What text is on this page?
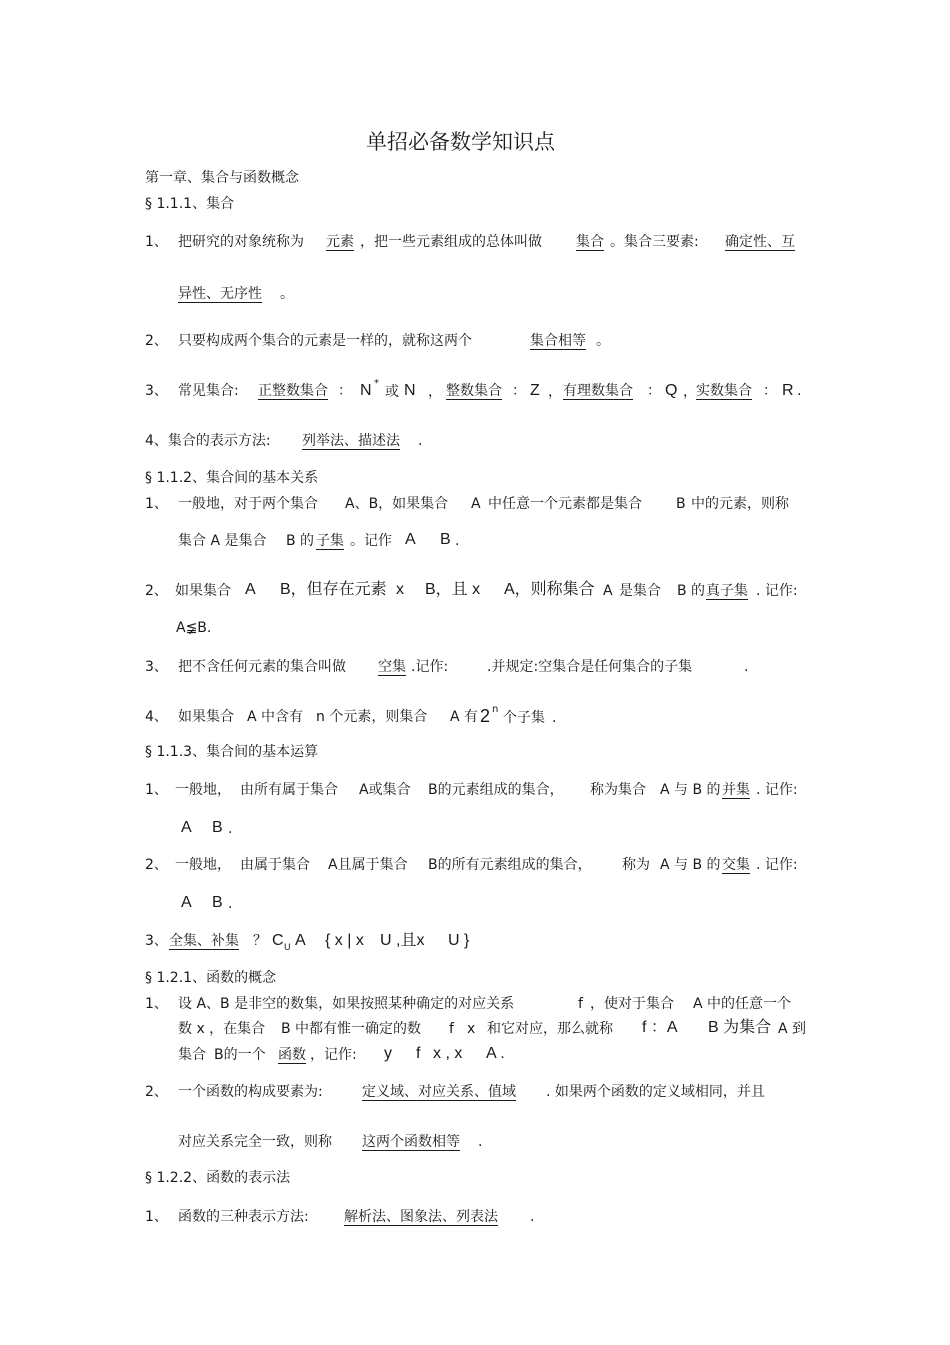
单招必备数学知识点
第一章、集合与函数概念
§ 1.1.1、集合
1、 把研究的对象统称为 元素 ，把一些元素组成的总体叫做 集合 。集合三要素: 确定性、互
异性、无序性 。
2、 只要构成两个集合的元素是一样的，就称这两个	集合相等 。
3、 常见集合: 正整数集合 ： N *
或 N ， 整数集合 ： Z ， 有理数集合 ： Q ， 实数集合 ： R .
4、集合的表示方法: 列举法、描述法 .
§ 1.1.2、集合间的基本关系
1、 一般地，对于两个集合 A、B，如果集合 A 中任意一个元素都是集合 B 中的元素，则称
集合 A 是集合 B 的 子集 。记作 A B .
2、 如果集合 A B，但存在元素 x B，且 x A，则称集合 A 是集合 B 的 真子集 . 记作:
A≨B.
3、 把不含任何元素的集合叫做 空集 .记作:	.并规定:空集合是任何集合的子集	.
4、 如果集合 A 中含有 n 个元素，则集合 A 有 2 n
个子集 .
§ 1.1.3、集合间的基本运算
1、 一般地， 由所有属于集合 A或集合 B的元素组成的集合， 称为集合 A 与 B 的 并集 . 记作:
A B .
2、 一般地， 由属于集合 A且属于集合 B的所有元素组成的集合， 称为 A 与 B 的 交集 . 记作:
A B .
3、 全集、补集 ？ C U A { x | x U ,且x U }
§ 1.2.1、函数的概念
1、 设 A、B 是非空的数集，如果按照某种确定的对应关系	f ，使对于集合 A 中的任意一个
数 x ，在集合 B 中都有惟一确定的数 f x 和它对应，那么就称 f ：A B 为集合 A 到
集合 B的一个 函数 ，记作: y f x , x A .
2、 一个函数的构成要素为:	定义域、对应关系、值域 . 如果两个函数的定义域相同，并且
对应关系完全一致，则称 这两个函数相等 .
§ 1.2.2、函数的表示法
1、 函数的三种表示方法:	解析法、图象法、列表法 .
